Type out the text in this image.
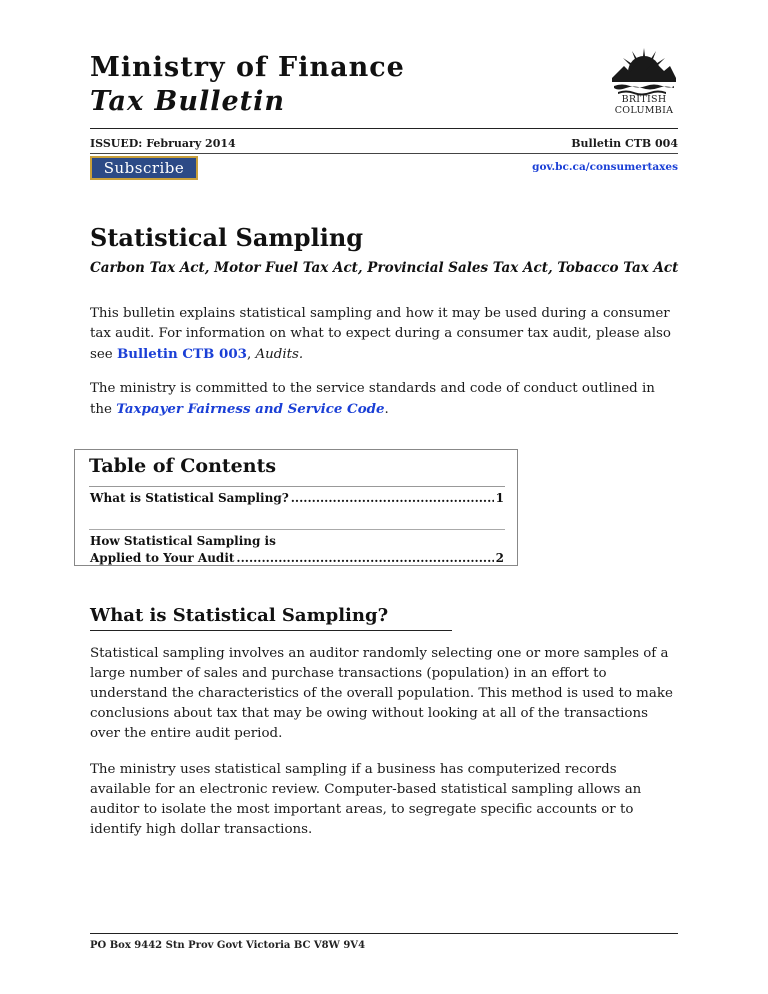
Ministry of Finance
Tax Bulletin	BRITISH
COLUMBIA
ISSUED: February 2014	Bulletin CTB 004
Subscribe	gov.bc.ca/consumertaxes
Statistical Sampling

Carbon Tax Act, Motor Fuel Tax Act, Provincial Sales Tax Act, Tobacco Tax Act

This bulletin explains statistical sampling and how it may be used during a consumer tax audit. For information on what to expect during a consumer tax audit, please also see Bulletin CTB 003, Audits.

The ministry is committed to the service standards and code of conduct outlined in the Taxpayer Fairness and Service Code.

Table of Contents
What is Statistical Sampling? .....	1
How Statistical Sampling is
Applied to Your Audit .....	2
What is Statistical Sampling?

Statistical sampling involves an auditor randomly selecting one or more samples of a large number of sales and purchase transactions (population) in an effort to understand the characteristics of the overall population. This method is used to make conclusions about tax that may be owing without looking at all of the transactions over the entire audit period.

The ministry uses statistical sampling if a business has computerized records available for an electronic review. Computer-based statistical sampling allows an auditor to isolate the most important areas, to segregate specific accounts or to identify high dollar transactions.

PO Box 9442 Stn Prov Govt Victoria BC V8W 9V4
